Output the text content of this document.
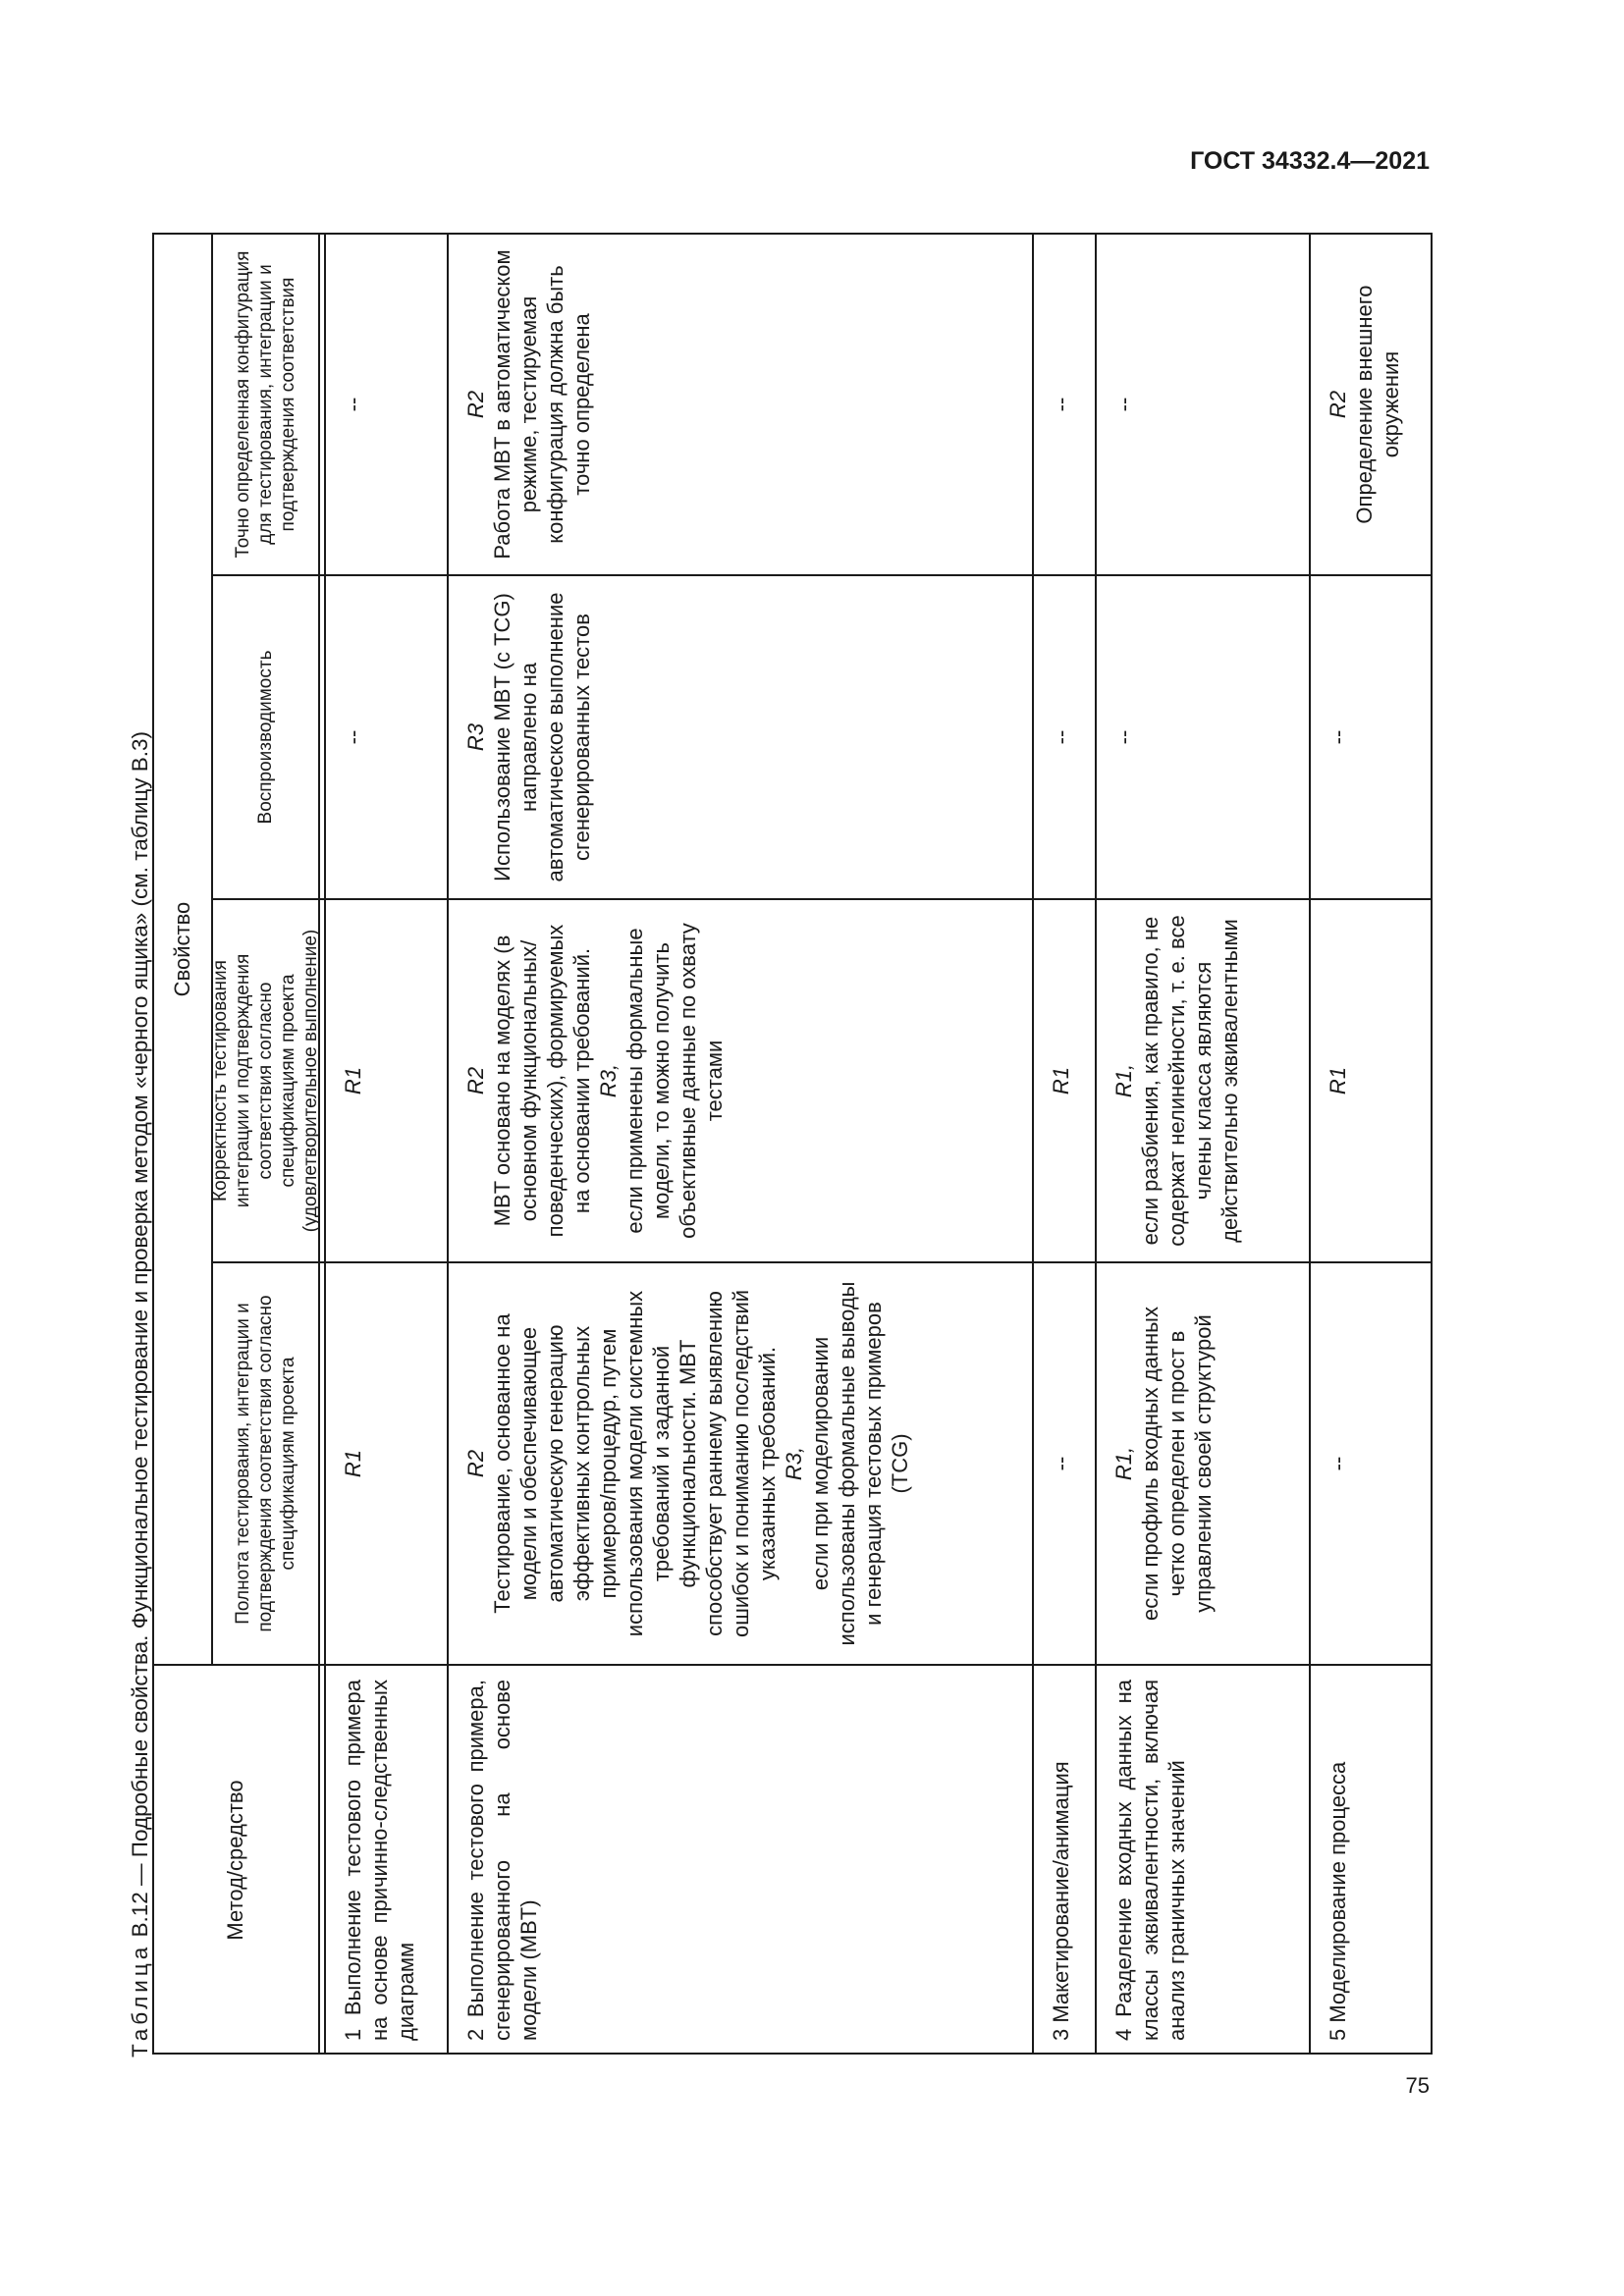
ГОСТ 34332.4—2021
Таблица В.12 — Подробные свойства. Функциональное тестирование и проверка методом «черного ящика» (см. таблицу В.3)	Метод/средство
Свойство
Полнота тестирования, интеграции и подтверждения соответствия согласно спецификациям проекта
Корректность тестирования интеграции и подтверждения соответствия согласно спецификациям проекта (удовлетворительное выполнение)
Воспроизводимость
Точно определенная конфигурация для тестирования, интеграции и подтверждения соответствия
1 Выполнение тестового примера на основе причинно-следственных диаграмм
R1
R1
--
--
2 Выполнение тестового примера, сгенерированного на основе модели (MBT)
R2 Тестирование, основанное на модели и обеспечивающее автоматическую генерацию эффективных контрольных примеров/процедур, путем использования модели системных требований и заданной функциональности. MBT способствует раннему выявлению ошибок и пониманию последствий указанных требований. R3, если при моделировании использованы формальные выводы и генерация тестовых примеров (TCG)
R2 MBT основано на моделях (в основном функциональных/поведенческих), формируемых на основании требований. R3, если применены формальные модели, то можно получить объективные данные по охвату тестами
R3 Использование MBT (с TCG) направлено на автоматическое выполнение сгенерированных тестов
R2 Работа MBT в автоматическом режиме, тестируемая конфигурация должна быть точно определена
3 Макетирование/анимация
--
R1
--
--
4 Разделение входных данных на классы эквивалентности, включая анализ граничных значений
R1, если профиль входных данных четко определен и прост в управлении своей структурой
R1, если разбиения, как правило, не содержат нелинейности, т. е. все члены класса являются действительно эквивалентными
--
--
5 Моделирование процесса
--
R1
--
R2 Определение внешнего окружения
75
